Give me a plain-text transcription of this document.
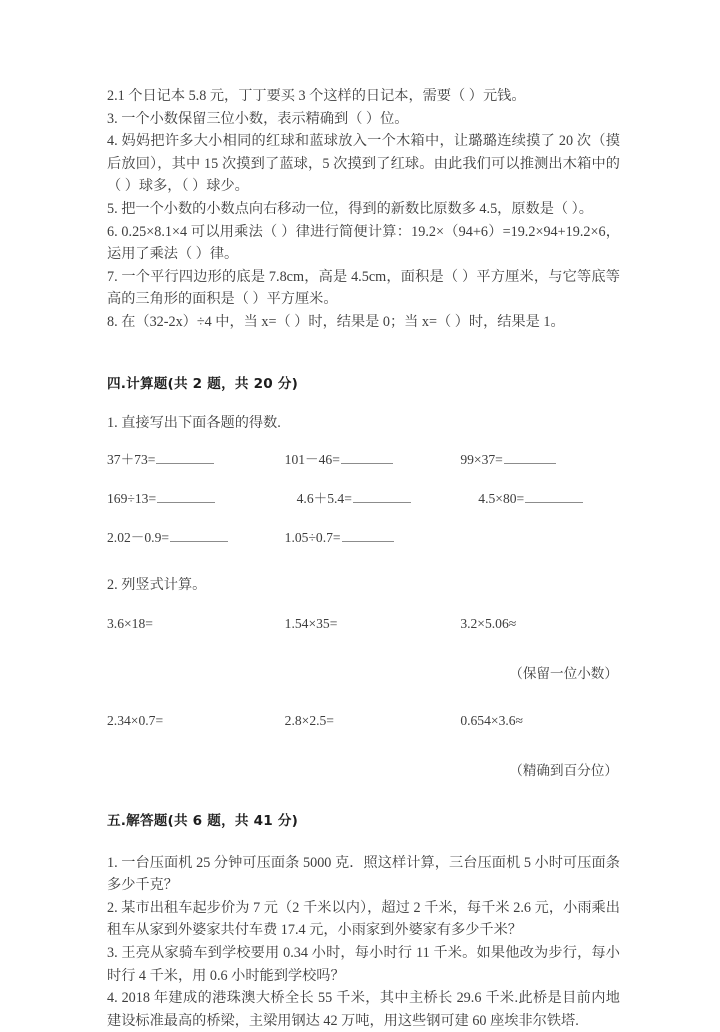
2.1 个日记本 5.8 元，丁丁要买 3 个这样的日记本，需要（ ）元钱。

3. 一个小数保留三位小数，表示精确到（ ）位。

4. 妈妈把许多大小相同的红球和蓝球放入一个木箱中，让璐璐连续摸了 20 次（摸后放回），其中 15 次摸到了蓝球，5 次摸到了红球。由此我们可以推测出木箱中的（ ）球多，（ ）球少。

5. 把一个小数的小数点向右移动一位，得到的新数比原数多 4.5，原数是（ ）。

6. 0.25×8.1×4 可以用乘法（ ）律进行简便计算：19.2×（94+6）=19.2×94+19.2×6，运用了乘法（ ）律。

7. 一个平行四边形的底是 7.8cm，高是 4.5cm，面积是（ ）平方厘米，与它等底等高的三角形的面积是（ ）平方厘米。

8. 在（32-2x）÷4 中，当 x=（ ）时，结果是 0；当 x=（ ）时，结果是 1。

四.计算题(共 2 题，共 20 分)

1. 直接写出下面各题的得数.

37＋73=	101－46=	99×37=
169÷13=	4.6＋5.4=	4.5×80=
2.02－0.9=	1.05÷0.7=

2. 列竖式计算。

3.6×18=	1.54×35=	3.2×5.06≈
（保留一位小数）
2.34×0.7=	2.8×2.5=	0.654×3.6≈
（精确到百分位）
五.解答题(共 6 题，共 41 分)

1. 一台压面机 25 分钟可压面条 5000 克．照这样计算，三台压面机 5 小时可压面条多少千克？

2. 某市出租车起步价为 7 元（2 千米以内），超过 2 千米，每千米 2.6 元，小雨乘出租车从家到外婆家共付车费 17.4 元，小雨家到外婆家有多少千米？

3. 王亮从家骑车到学校要用 0.34 小时，每小时行 11 千米。如果他改为步行，每小时行 4 千米，用 0.6 小时能到学校吗？

4. 2018 年建成的港珠澳大桥全长 55 千米，其中主桥长 29.6 千米.此桥是目前内地建设标准最高的桥梁，主梁用钢达 42 万吨，用这些钢可建 60 座埃非尔铁塔.
